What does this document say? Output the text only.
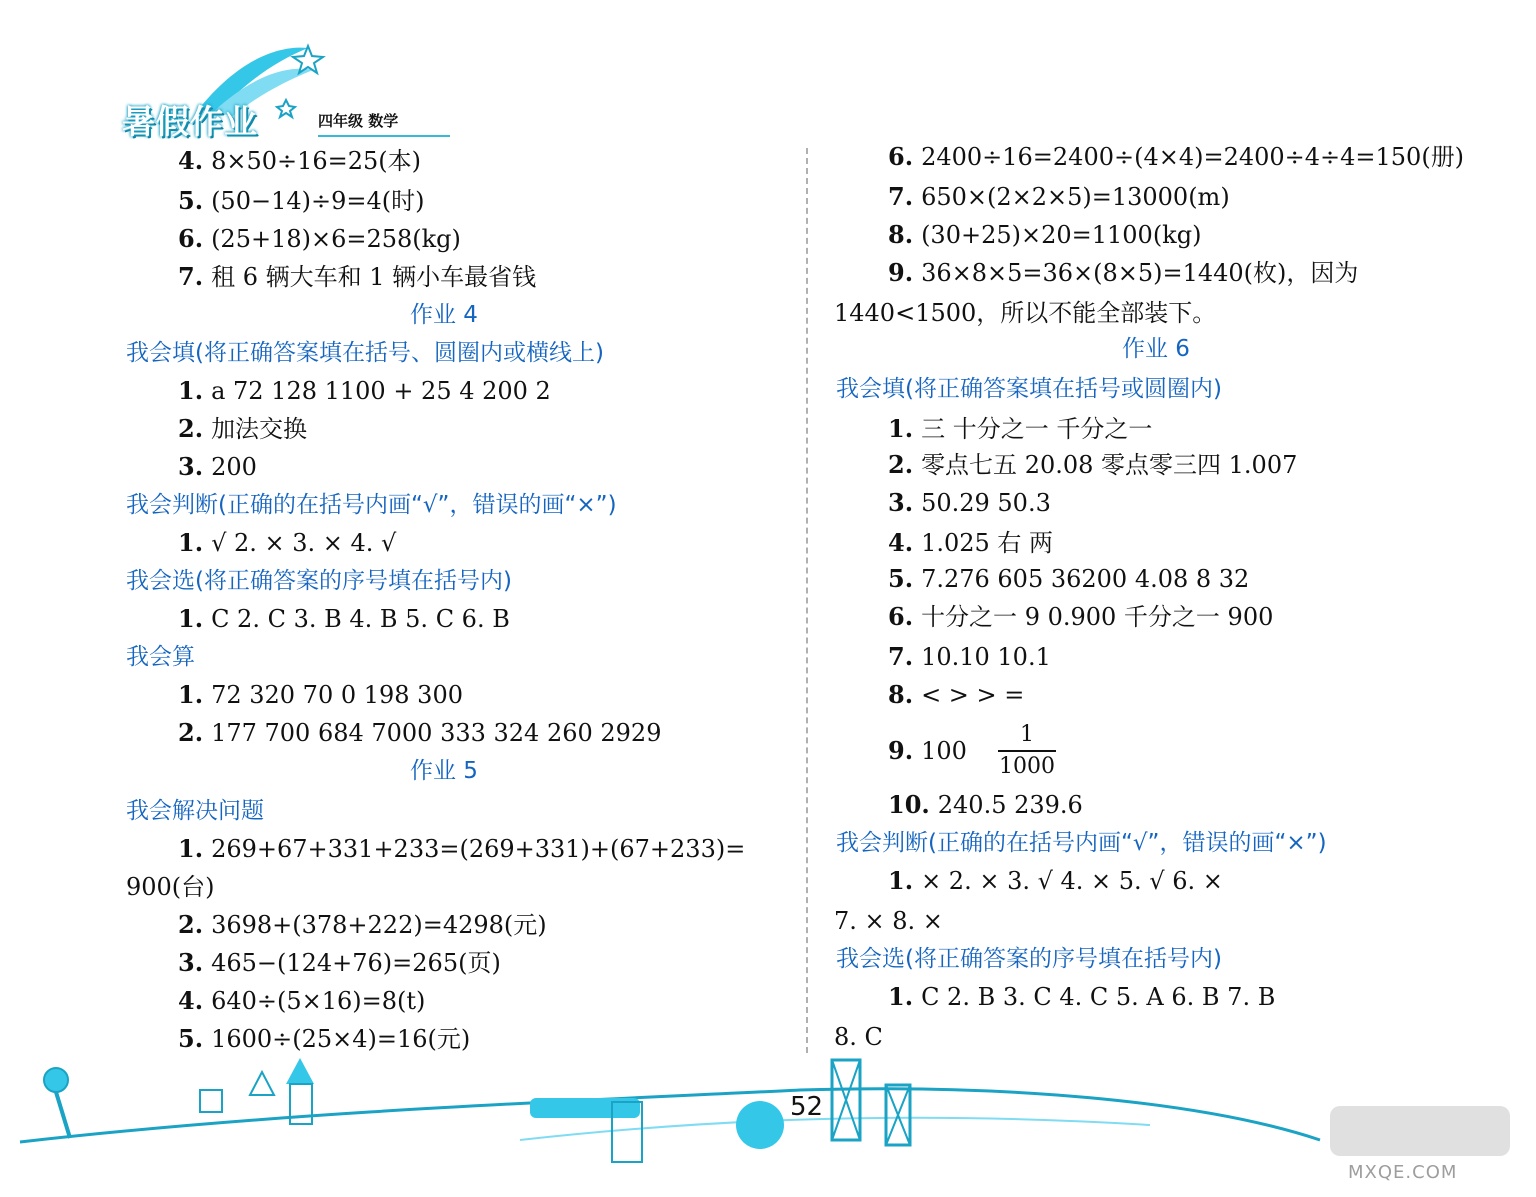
暑假作业	四年级 数学
4. 8×50÷16=25(本)
5. (50−14)÷9=4(时)
6. (25+18)×6=258(kg)
7. 租 6 辆大车和 1 辆小车最省钱
作业 4
我会填(将正确答案填在括号、圆圈内或横线上)
1. a 72 128 1100 + 25 4 200 2
2. 加法交换
3. 200
我会判断(正确的在括号内画“√”，错误的画“×”)
1. √ 2. × 3. × 4. √
我会选(将正确答案的序号填在括号内)
1. C 2. C 3. B 4. B 5. C 6. B
我会算
1. 72 320 70 0 198 300
2. 177 700 684 7000 333 324 260 2929
作业 5
我会解决问题
1. 269+67+331+233=(269+331)+(67+233)=
900(台)
2. 3698+(378+222)=4298(元)
3. 465−(124+76)=265(页)
4. 640÷(5×16)=8(t)
5. 1600÷(25×4)=16(元)
6. 2400÷16=2400÷(4×4)=2400÷4÷4=150(册)
7. 650×(2×2×5)=13000(m)
8. (30+25)×20=1100(kg)
9. 36×8×5=36×(8×5)=1440(枚)，因为
1440<1500，所以不能全部装下。
作业 6
我会填(将正确答案填在括号或圆圈内)
1. 三 十分之一 千分之一
2. 零点七五 20.08 零点零三四 1.007
3. 50.29 50.3
4. 1.025 右 两
5. 7.276 605 36200 4.08 8 32
6. 十分之一 9 0.900 千分之一 900
7. 10.10 10.1
8. < > > =
9. 100
10. 240.5 239.6
我会判断(正确的在括号内画“√”，错误的画“×”)
1. × 2. × 3. √ 4. × 5. √ 6. ×
7. × 8. ×
我会选(将正确答案的序号填在括号内)
1. C 2. B 3. C 4. C 5. A 6. B 7. B
8. C
1
1000
52
MXQE.COM
